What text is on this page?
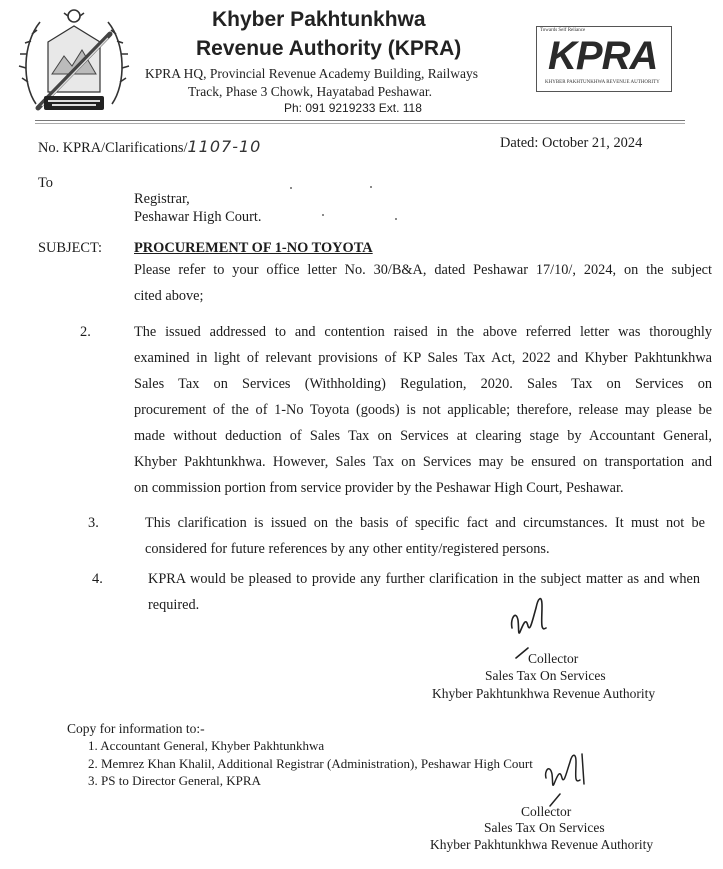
Khyber Pakhtunkhwa
Revenue Authority (KPRA)
KPRA HQ, Provincial Revenue Academy Building, Railways
Track, Phase 3 Chowk, Hayatabad Peshawar.
Ph: 091 9219233 Ext. 118
Towards Self Reliance
KPRA
KHYBER PAKHTUNKHWA REVENUE AUTHORITY
No. KPRA/Clarifications/1107-10	Dated: October 21, 2024
To
Registrar,
Peshawar High Court.
SUBJECT: PROCUREMENT OF 1-NO TOYOTA
Please refer to your office letter No. 30/B&A, dated Peshawar 17/10/, 2024, on the subject
cited above;
2.	The issued addressed to and contention raised in the above referred letter was thoroughly
examined in light of relevant provisions of KP Sales Tax Act, 2022 and Khyber Pakhtunkhwa
Sales Tax on Services (Withholding) Regulation, 2020. Sales Tax on Services on
procurement of the of 1-No Toyota (goods) is not applicable; therefore, release may please be
made without deduction of Sales Tax on Services at clearing stage by Accountant General,
Khyber Pakhtunkhwa. However, Sales Tax on Services may be ensured on transportation and
on commission portion from service provider by the Peshawar High Court, Peshawar.
3.	This clarification is issued on the basis of specific fact and circumstances. It must not be
considered for future references by any other entity/registered persons.
4.	KPRA would be pleased to provide any further clarification in the subject matter as and when
required.
Collector
Sales Tax On Services
Khyber Pakhtunkhwa Revenue Authority
Copy for information to:-
1. Accountant General, Khyber Pakhtunkhwa
2. Memrez Khan Khalil, Additional Registrar (Administration), Peshawar High Court
3. PS to Director General, KPRA
Collector
Sales Tax On Services
Khyber Pakhtunkhwa Revenue Authority
